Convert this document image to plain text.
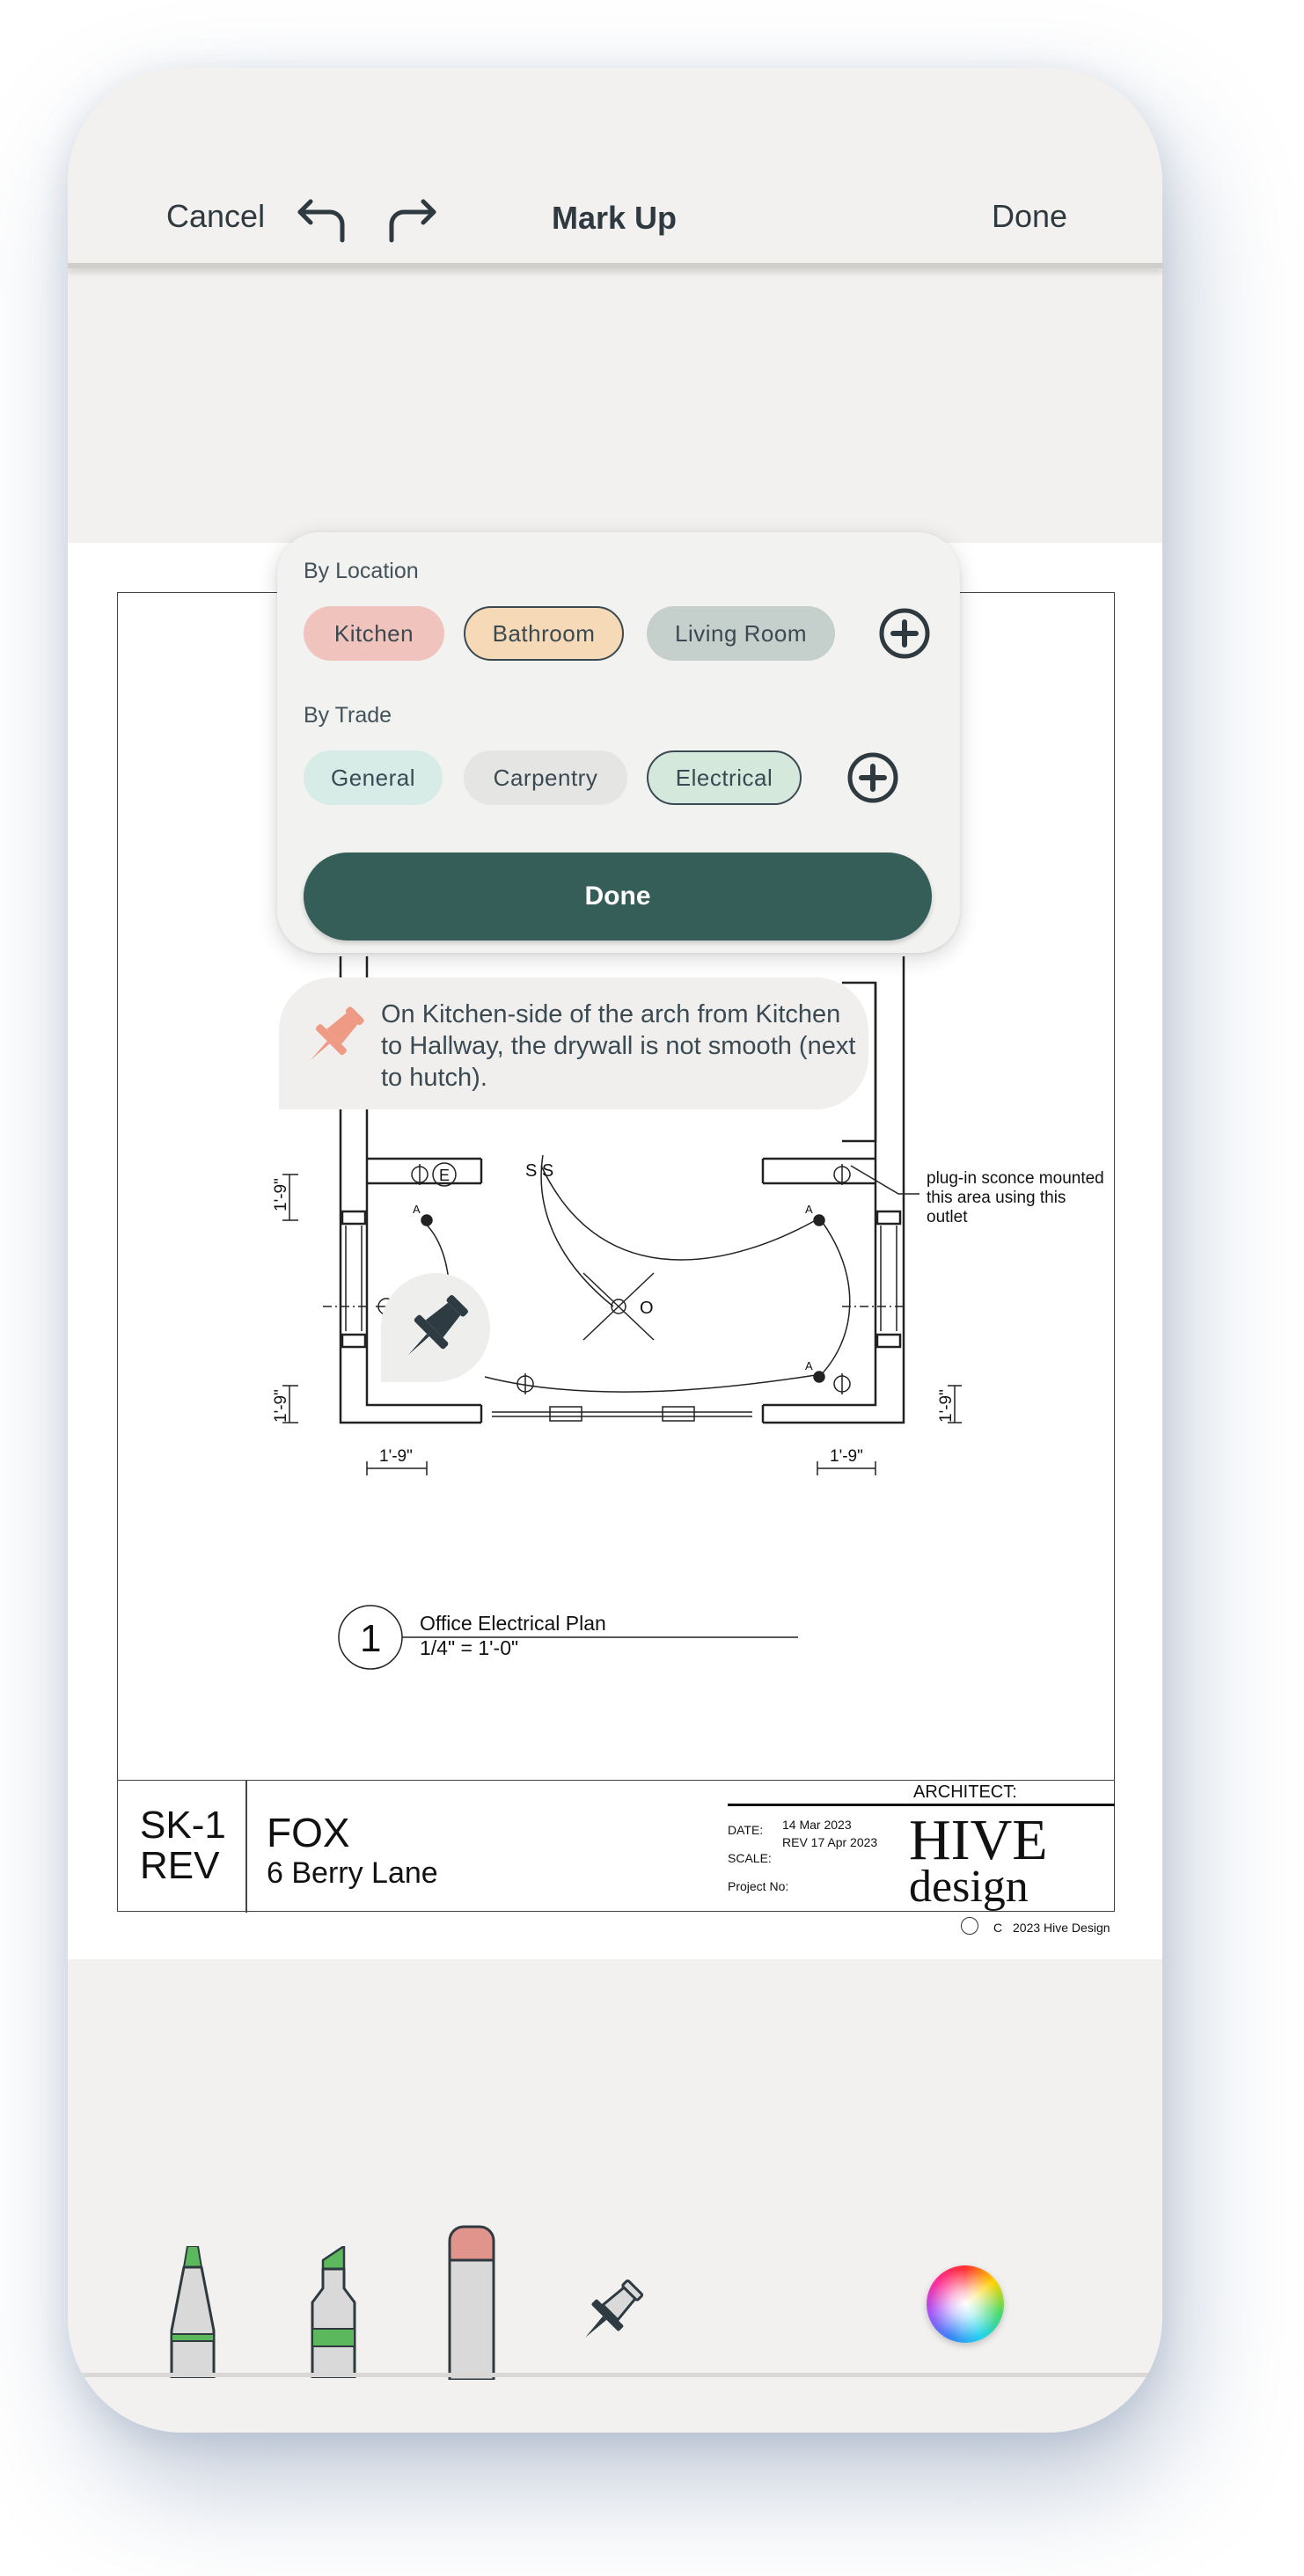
Cancel	Mark Up	Done
E	S S
O
A	A
A
plug-in sconce mounted
this area using this
outlet
1'-9"	1'-9"
1'-9"
1'-9"	1'-9"
1 Office Electrical Plan
1/4" = 1'-0"
SK-1
REV
FOX
6 Berry Lane
ARCHITECT:
DATE: 14 Mar 2023
REV 17 Apr 2023
SCALE:
Project No:
HIVE
design
C 2023 Hive Design
On Kitchen-side of the arch from Kitchen to Hallway, the drywall is not smooth (next to hutch).
By Location
Kitchen	Bathroom	Living Room
By Trade
General	Carpentry	Electrical
Done
